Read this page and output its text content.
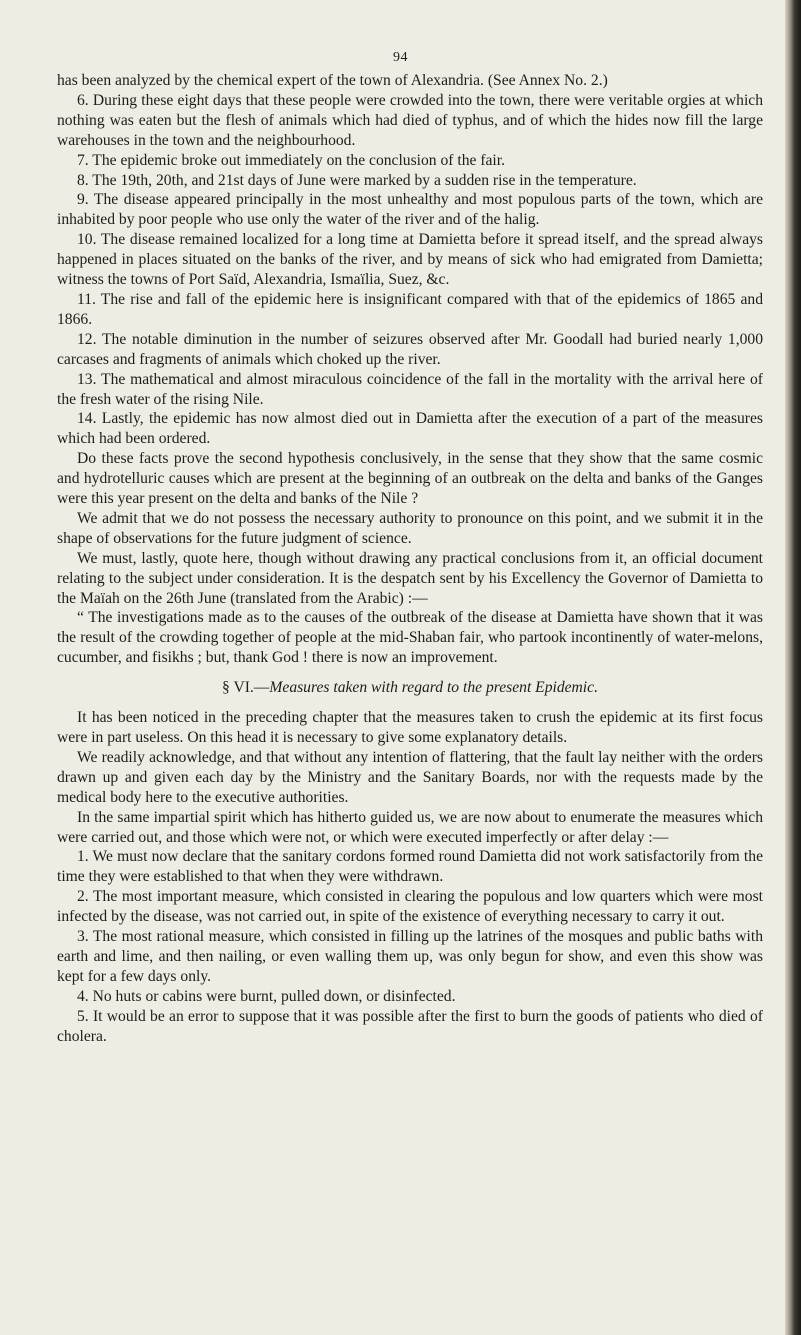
94

has been analyzed by the chemical expert of the town of Alexandria. (See Annex No. 2.)

6. During these eight days that these people were crowded into the town, there were veritable orgies at which nothing was eaten but the flesh of animals which had died of typhus, and of which the hides now fill the large warehouses in the town and the neighbourhood.

7. The epidemic broke out immediately on the conclusion of the fair.

8. The 19th, 20th, and 21st days of June were marked by a sudden rise in the temperature.

9. The disease appeared principally in the most unhealthy and most populous parts of the town, which are inhabited by poor people who use only the water of the river and of the halig.

10. The disease remained localized for a long time at Damietta before it spread itself, and the spread always happened in places situated on the banks of the river, and by means of sick who had emigrated from Damietta; witness the towns of Port Saïd, Alexandria, Ismaïlia, Suez, &c.

11. The rise and fall of the epidemic here is insignificant compared with that of the epidemics of 1865 and 1866.

12. The notable diminution in the number of seizures observed after Mr. Goodall had buried nearly 1,000 carcases and fragments of animals which choked up the river.

13. The mathematical and almost miraculous coincidence of the fall in the mortality with the arrival here of the fresh water of the rising Nile.

14. Lastly, the epidemic has now almost died out in Damietta after the execution of a part of the measures which had been ordered.

Do these facts prove the second hypothesis conclusively, in the sense that they show that the same cosmic and hydrotelluric causes which are present at the beginning of an outbreak on the delta and banks of the Ganges were this year present on the delta and banks of the Nile ?

We admit that we do not possess the necessary authority to pronounce on this point, and we submit it in the shape of observations for the future judgment of science.

We must, lastly, quote here, though without drawing any practical conclusions from it, an official document relating to the subject under consideration. It is the despatch sent by his Excellency the Governor of Damietta to the Maïah on the 26th June (translated from the Arabic) :—

“ The investigations made as to the causes of the outbreak of the disease at Damietta have shown that it was the result of the crowding together of people at the mid-Shaban fair, who partook incontinently of water-melons, cucumber, and fisikhs ; but, thank God ! there is now an improvement.

§ VI.—Measures taken with regard to the present Epidemic.

It has been noticed in the preceding chapter that the measures taken to crush the epidemic at its first focus were in part useless. On this head it is necessary to give some explanatory details.

We readily acknowledge, and that without any intention of flattering, that the fault lay neither with the orders drawn up and given each day by the Ministry and the Sanitary Boards, nor with the requests made by the medical body here to the executive authorities.

In the same impartial spirit which has hitherto guided us, we are now about to enumerate the measures which were carried out, and those which were not, or which were executed imperfectly or after delay :—

1. We must now declare that the sanitary cordons formed round Damietta did not work satisfactorily from the time they were established to that when they were withdrawn.

2. The most important measure, which consisted in clearing the populous and low quarters which were most infected by the disease, was not carried out, in spite of the existence of everything necessary to carry it out.

3. The most rational measure, which consisted in filling up the latrines of the mosques and public baths with earth and lime, and then nailing, or even walling them up, was only begun for show, and even this show was kept for a few days only.

4. No huts or cabins were burnt, pulled down, or disinfected.

5. It would be an error to suppose that it was possible after the first to burn the goods of patients who died of cholera.
